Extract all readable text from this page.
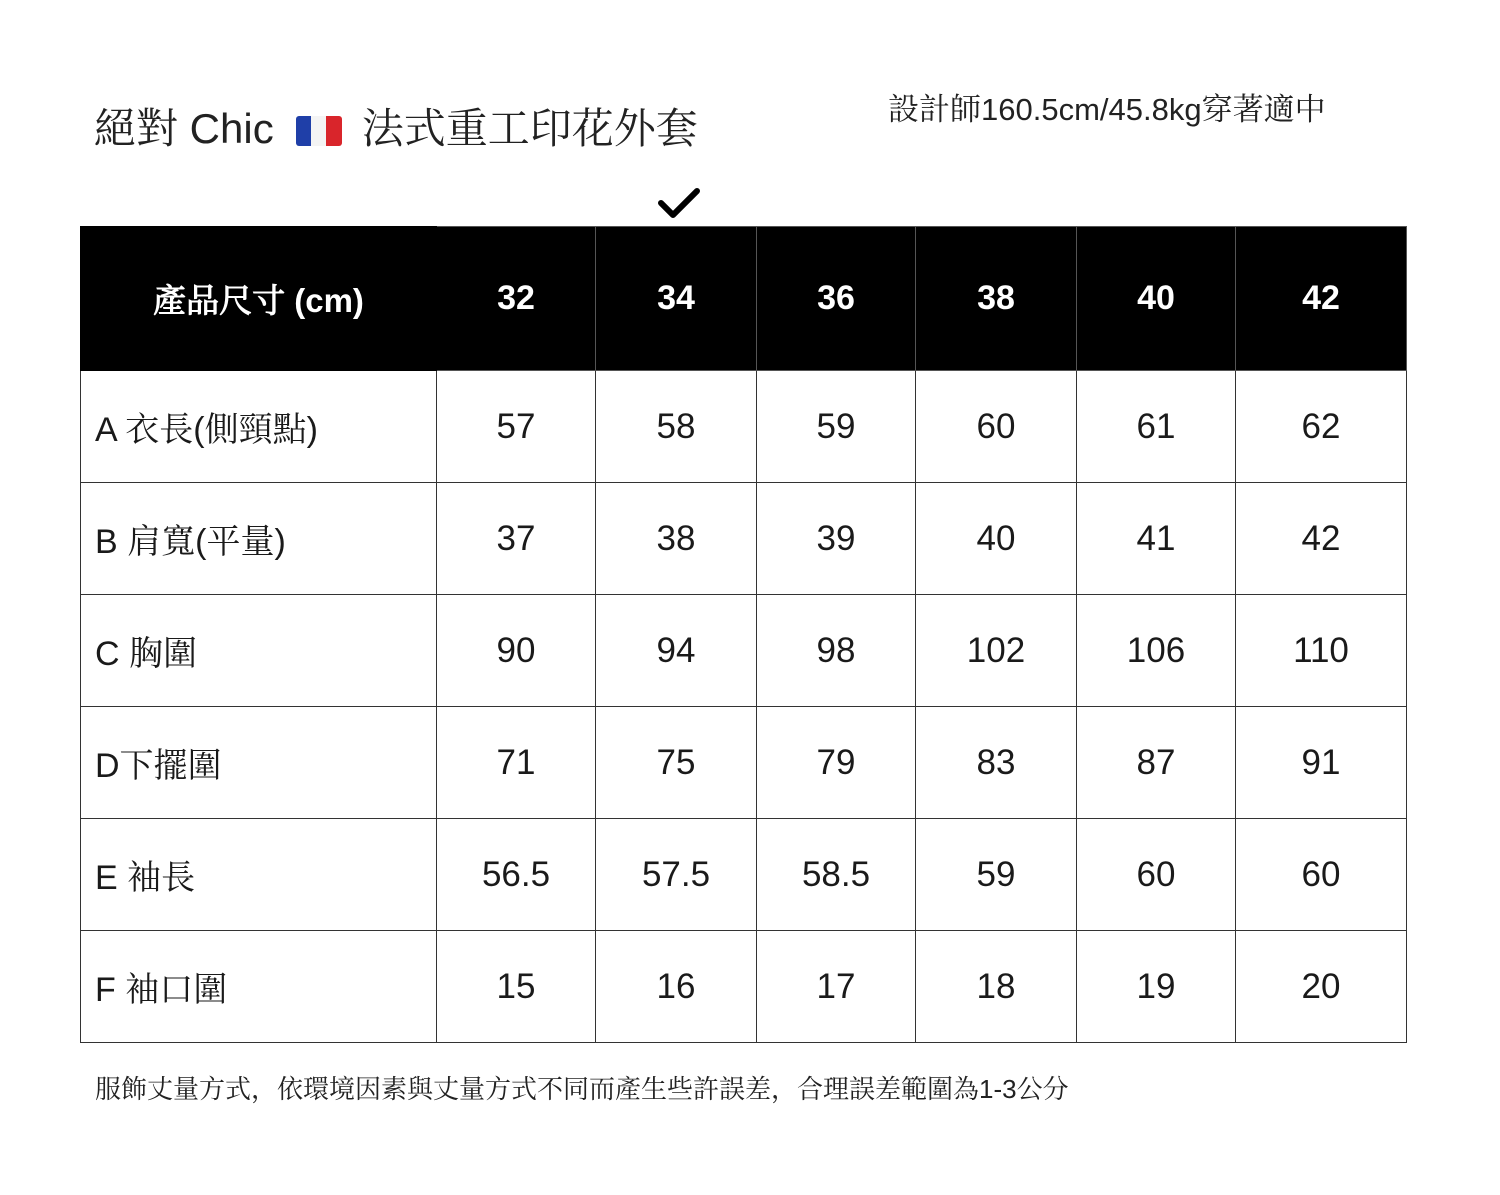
絕對 Chic 法式重工印花外套	設計師160.5cm/45.8kg穿著適中
產品尺寸 (cm)	32	34	36	38	40	42
A 衣長(側頸點)	57	58	59	60	61	62
B 肩寬(平量)	37	38	39	40	41	42
C 胸圍	90	94	98	102	106	110
D下擺圍	71	75	79	83	87	91
E 袖長	56.5	57.5	58.5	59	60	60
F 袖口圍	15	16	17	18	19	20
服飾丈量方式，依環境因素與丈量方式不同而產生些許誤差，合理誤差範圍為1-3公分
